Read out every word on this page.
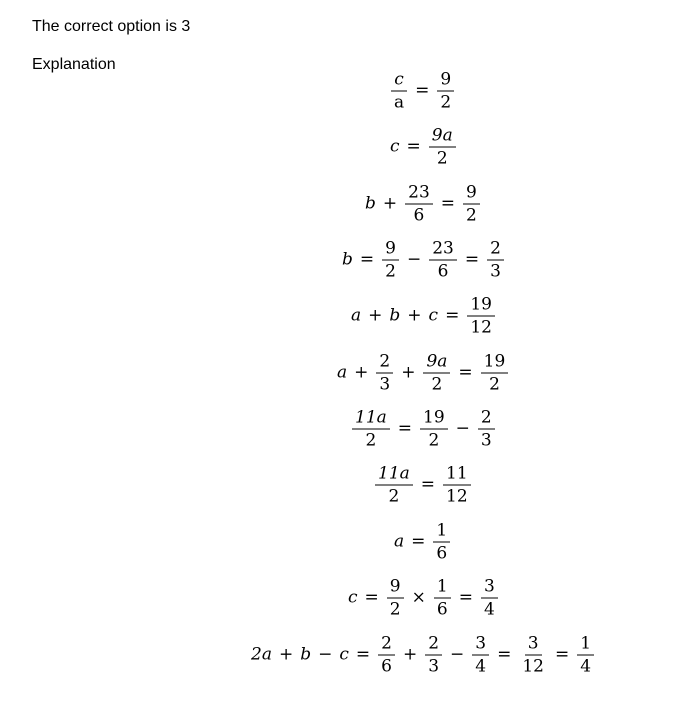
The correct option is 3
Explanation
$\frac{c}{a} = \frac{9}{2}$
$c = \frac{9a}{2}$
$b + \frac{23}{6} = \frac{9}{2}$
$b = \frac{9}{2} - \frac{23}{6} = \frac{2}{3}$
$a + b + c = \frac{19}{12}$
$a + \frac{2}{3} + \frac{9a}{2} = \frac{19}{2}$
$\frac{11a}{2} = \frac{19}{2} - \frac{2}{3}$
$\frac{11a}{2} = \frac{11}{12}$
$a = \frac{1}{6}$
$c = \frac{9}{2} \times \frac{1}{6} = \frac{3}{4}$
$2a + b - c = \frac{2}{6} + \frac{2}{3} - \frac{3}{4} = \frac{3}{12} = \frac{1}{4}$
